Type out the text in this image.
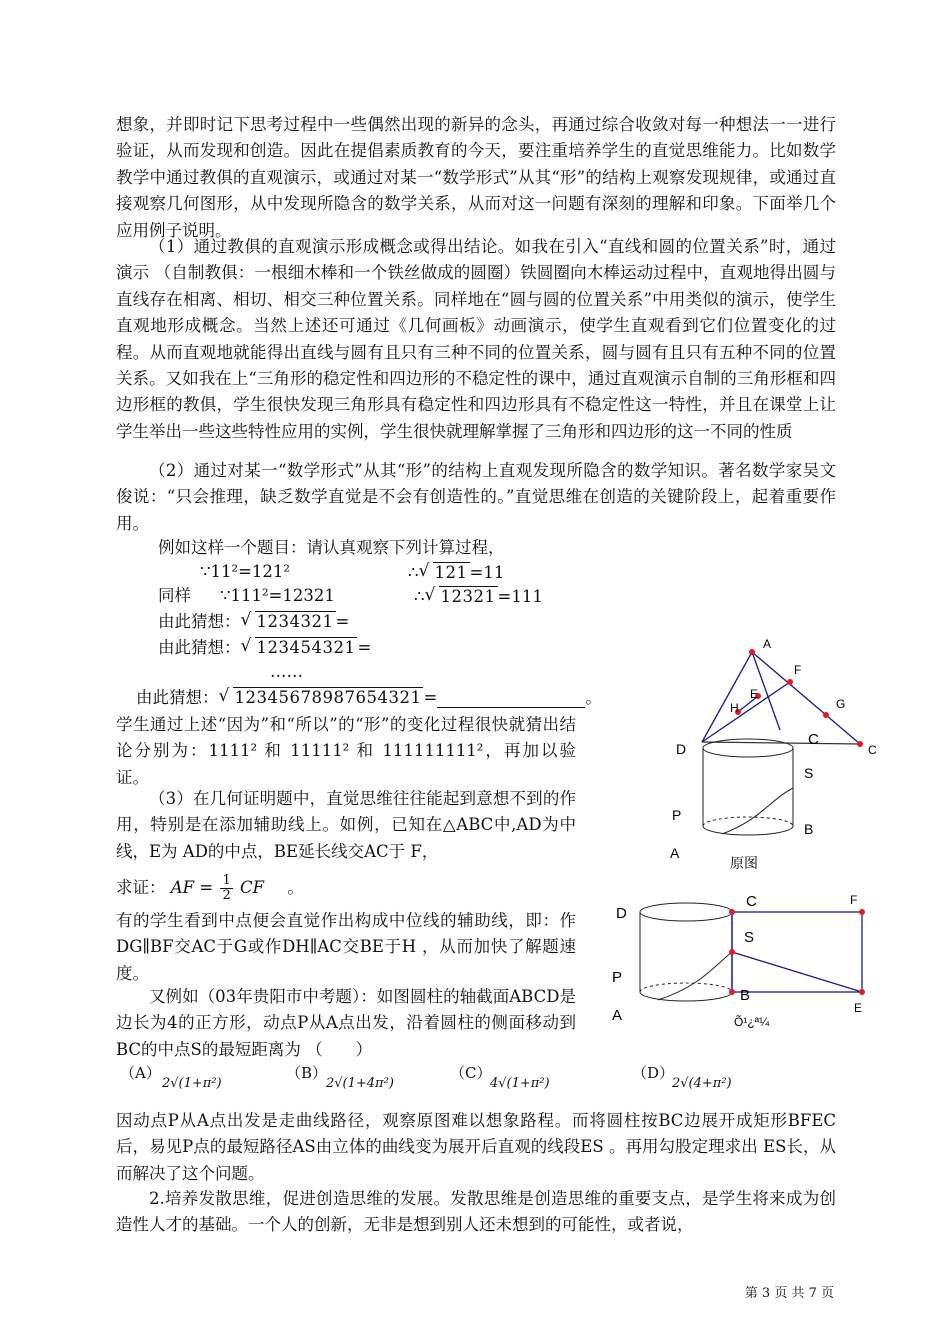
想象，并即时记下思考过程中一些偶然出现的新异的念头，再通过综合收敛对每一种想法一一进行验证，从而发现和创造。因此在提倡素质教育的今天，要注重培养学生的直觉思维能力。比如数学教学中通过教俱的直观演示，或通过对某一“数学形式”从其“形”的结构上观察发现规律，或通过直接观察几何图形，从中发现所隐含的数学关系，从而对这一问题有深刻的理解和印象。下面举几个应用例子说明。
（1）通过教俱的直观演示形成概念或得出结论。如我在引入“直线和圆的位置关系”时，通过演示 （自制教俱：一根细木棒和一个铁丝做成的圆圈）铁圆圈向木棒运动过程中，直观地得出圆与直线存在相离、相切、相交三种位置关系。同样地在“圆与圆的位置关系”中用类似的演示，使学生直观地形成概念。当然上述还可通过《几何画板》动画演示，使学生直观看到它们位置变化的过程。从而直观地就能得出直线与圆有且只有三种不同的位置关系，圆与圆有且只有五种不同的位置关系。又如我在上“三角形的稳定性和四边形的不稳定性的课中，通过直观演示自制的三角形框和四边形框的教俱，学生很快发现三角形具有稳定性和四边形具有不稳定性这一特性，并且在课堂上让学生举出一些这些特性应用的实例，学生很快就理解掌握了三角形和四边形的这一不同的性质
（2）通过对某一“数学形式”从其“形”的结构上直观发现所隐含的数学知识。著名数学家吴文俊说：“只会推理，缺乏数学直觉是不会有创造性的。”直觉思维在创造的关键阶段上，起着重要作用。
例如这样一个题目：请认真观察下列计算过程，
∵11²=121²	∴ √ 121 =11
同样 ∵111²=12321	∴ √ 12321 =111
由此猜想： √ 1234321 =
由此猜想： √ 123454321 =
……
由此猜想： √ 12345678987654321 =	。
学生通过上述“因为”和“所以”的“形”的变化过程很快就猜出结论分别为：1111² 和 11111² 和 111111111²，再加以验证。
（3）在几何证明题中，直觉思维往往能起到意想不到的作用，特别是在添加辅助线上。如例，已知在△ABC中,AD为中线，E为 AD的中点，BE延长线交AC于 F，
求证： AF = $\frac{1}{2}$ CF 。
有的学生看到中点便会直觉作出构成中位线的辅助线，即：作DG∥BF交AC于G或作DH∥AC交BE于H ，从而加快了解题速度。
又例如（03年贵阳市中考题）：如图圆柱的轴截面ABCD是边长为4的正方形，动点P从A点出发，沿着圆柱的侧面移动到BC的中点S的最短距离为 （　　）
（A）
2√(1+π²)
（B）
2√(1+4π²)
（C）
4√(1+π²)
（D）
2√(4+π²)
因动点P从A点出发是走曲线路径，观察原图难以想象路程。而将圆柱按BC边展开成矩形BFEC后，易见P点的最短路径AS由立体的曲线变为展开后直观的线段ES 。再用勾股定理求出 ES长，从而解决了这个问题。
2.培养发散思维，促进创造思维的发展。发散思维是创造思维的重要支点，是学生将来成为创造性人才的基础。一个人的创新，无非是想到别人还未想到的可能性，或者说，
A
F
E
H	G
C
D
C
S
P
B
A
原图
D
C	F
S
P
B
E
A	Õ¹¿ª¼
第 3 页 共 7 页
